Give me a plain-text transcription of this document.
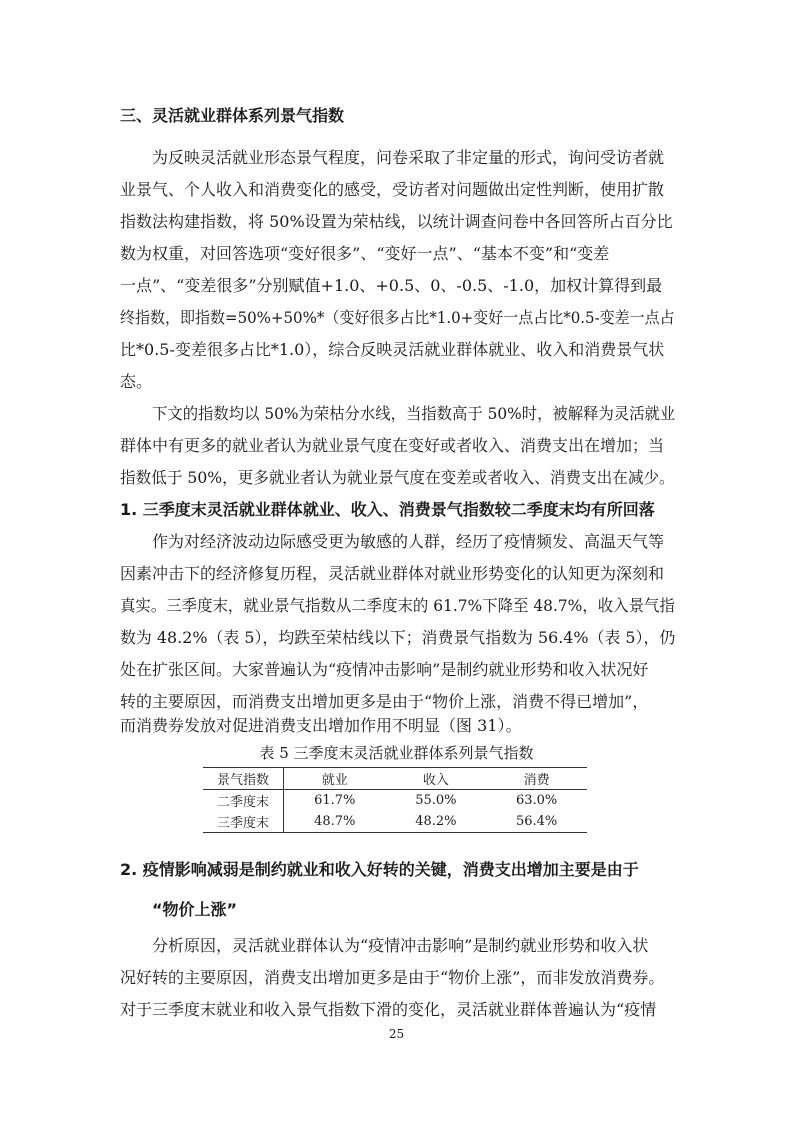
三、灵活就业群体系列景气指数
为反映灵活就业形态景气程度，问卷采取了非定量的形式，询问受访者就
业景气、个人收入和消费变化的感受，受访者对问题做出定性判断，使用扩散
指数法构建指数，将 50%设置为荣枯线，以统计调查问卷中各回答所占百分比
数为权重，对回答选项“变好很多”、“变好一点”、“基本不变”和“变差
一点”、“变差很多”分别赋值+1.0、+0.5、0、-0.5、-1.0，加权计算得到最
终指数，即指数=50%+50%*（变好很多占比*1.0+变好一点占比*0.5-变差一点占
比*0.5-变差很多占比*1.0），综合反映灵活就业群体就业、收入和消费景气状
态。
下文的指数均以 50%为荣枯分水线，当指数高于 50%时，被解释为灵活就业
群体中有更多的就业者认为就业景气度在变好或者收入、消费支出在增加；当
指数低于 50%，更多就业者认为就业景气度在变差或者收入、消费支出在减少。
1. 三季度末灵活就业群体就业、收入、消费景气指数较二季度末均有所回落
作为对经济波动边际感受更为敏感的人群，经历了疫情频发、高温天气等
因素冲击下的经济修复历程，灵活就业群体对就业形势变化的认知更为深刻和
真实。三季度末，就业景气指数从二季度末的 61.7%下降至 48.7%，收入景气指
数为 48.2%（表 5），均跌至荣枯线以下；消费景气指数为 56.4%（表 5），仍
处在扩张区间。大家普遍认为“疫情冲击影响”是制约就业形势和收入状况好
转的主要原因，而消费支出增加更多是由于“物价上涨，消费不得已增加”，
而消费券发放对促进消费支出增加作用不明显（图 31）。
表 5 三季度末灵活就业群体系列景气指数
景气指数	就业	收入	消费
二季度末	61.7%	55.0%	63.0%
三季度末	48.7%	48.2%	56.4%
2. 疫情影响减弱是制约就业和收入好转的关键，消费支出增加主要是由于
“物价上涨”
分析原因，灵活就业群体认为“疫情冲击影响”是制约就业形势和收入状
况好转的主要原因，消费支出增加更多是由于“物价上涨”，而非发放消费券。
对于三季度末就业和收入景气指数下滑的变化，灵活就业群体普遍认为“疫情
25
